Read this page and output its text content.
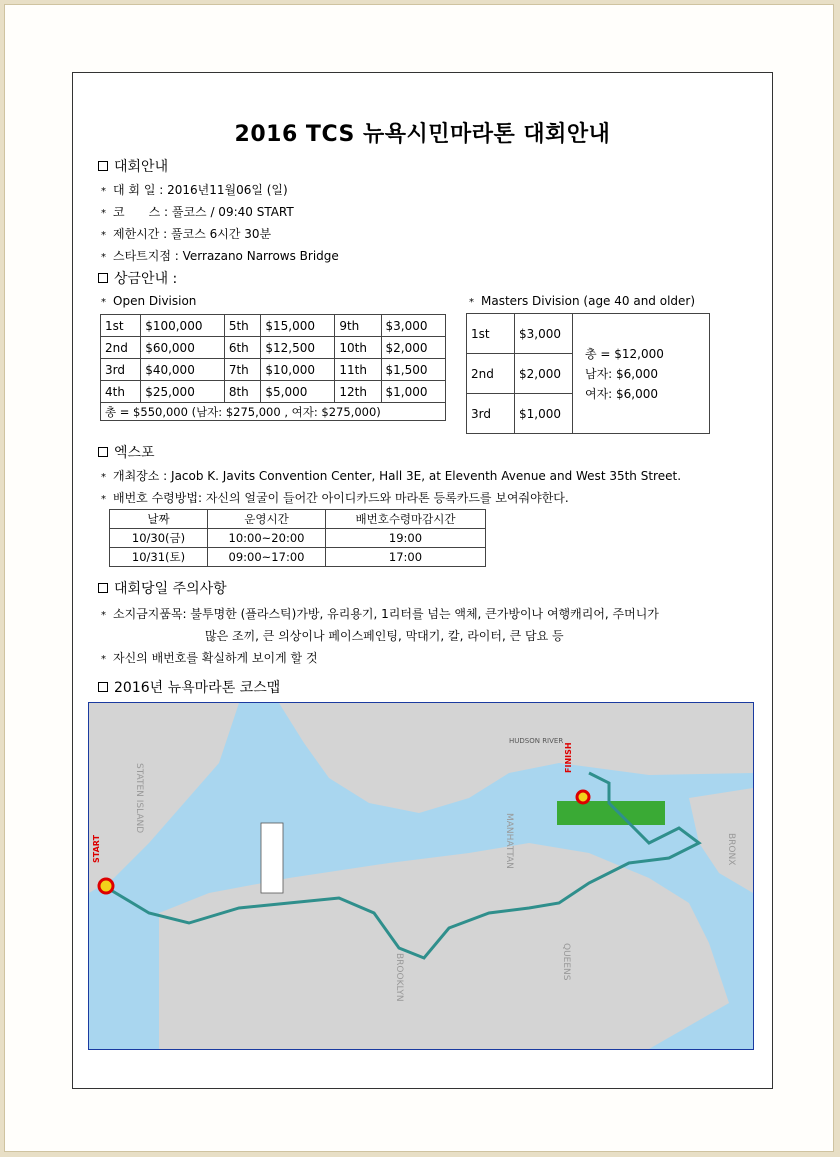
2016 TCS 뉴욕시민마라톤 대회안내
대회안내
* 대 회 일 : 2016년11월06일 (일)
* 코　　스 : 풀코스 / 09:40 START
* 제한시간 : 풀코스 6시간 30분
* 스타트지점 : Verrazano Narrows Bridge
상금안내 :
* Open Division	* Masters Division (age 40 and older)
1st	$100,000	5th	$15,000	9th	$3,000
2nd	$60,000	6th	$12,500	10th	$2,000
3rd	$40,000	7th	$10,000	11th	$1,500
4th	$25,000	8th	$5,000	12th	$1,000
총 = $550,000 (남자: $275,000 , 여자: $275,000)					
1st	$3,000	총 = $12,000
남자: $6,000
여자: $6,000

2nd	$2,000	
3rd	$1,000	
엑스포
* 개최장소 : Jacob K. Javits Convention Center, Hall 3E, at Eleventh Avenue and West 35th Street.
* 배번호 수령방법: 자신의 얼굴이 들어간 아이디카드와 마라톤 등록카드를 보여줘야한다.
날짜	운영시간	배번호수령마감시간
10/30(금)	10:00~20:00	19:00
10/31(토)	09:00~17:00	17:00
대회당일 주의사항
* 소지금지품목: 불투명한 (플라스틱)가방, 유리용기, 1리터를 넘는 액체, 큰가방이나 여행캐리어, 주머니가
많은 조끼, 큰 의상이나 페이스페인팅, 막대기, 칼, 라이터, 큰 담요 등
* 자신의 배번호를 확실하게 보이게 할 것
2016년 뉴욕마라톤 코스맵
START
FINISH
STATEN ISLAND
MANHATTAN
BROOKLYN	QUEENS
BRONX
HUDSON RIVER
